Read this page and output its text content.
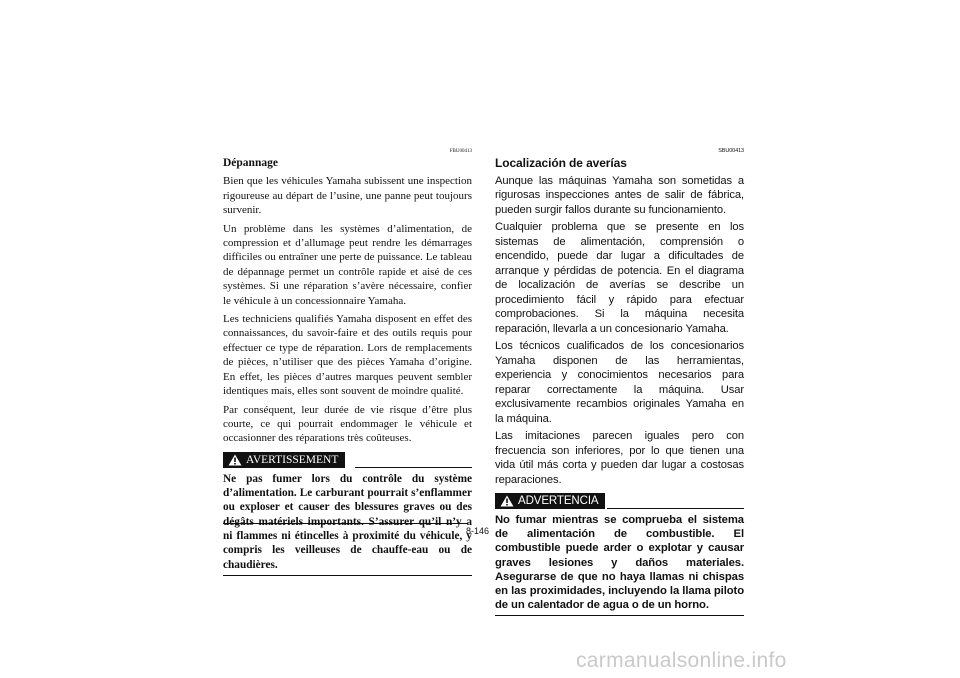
FBU00413
Dépannage

Bien que les véhicules Yamaha subissent une inspection rigoureuse au départ de l’usine, une panne peut toujours survenir.

Un problème dans les systèmes d’alimentation, de compression et d’allumage peut rendre les démarrages difficiles ou entraîner une perte de puissance. Le tableau de dépannage permet un contrôle rapide et aisé de ces systèmes. Si une réparation s’avère nécessaire, confier le véhicule à un concessionnaire Yamaha.

Les techniciens qualifiés Yamaha disposent en effet des connaissances, du savoir-faire et des outils requis pour effectuer ce type de réparation. Lors de remplacements de pièces, n’utiliser que des pièces Yamaha d’origine. En effet, les pièces d’autres marques peuvent sembler identiques mais, elles sont souvent de moindre qualité.

Par conséquent, leur durée de vie risque d’être plus courte, ce qui pourrait endommager le véhicule et occasionner des réparations très coûteuses.

AVERTISSEMENT
Ne pas fumer lors du contrôle du système d’alimentation. Le carburant pourrait s’enflammer ou exploser et causer des blessures graves ou des dégâts matériels importants. S’assurer qu’il n’y a ni flammes ni étincelles à proximité du véhicule, y compris les veilleuses de chauffe-eau ou de chaudières.
SBU00413
Localización de averías

Aunque las máquinas Yamaha son sometidas a rigurosas inspecciones antes de salir de fábrica, pueden surgir fallos durante su funcionamiento.

Cualquier problema que se presente en los sistemas de alimentación, comprensión o encendido, puede dar lugar a dificultades de arranque y pérdidas de potencia. En el diagrama de localización de averías se describe un procedimiento fácil y rápido para efectuar comprobaciones. Si la máquina necesita reparación, llevarla a un concesionario Yamaha.

Los técnicos cualificados de los concesionarios Yamaha disponen de las herramientas, experiencia y conocimientos necesarios para reparar correctamente la máquina. Usar exclusivamente recambios originales Yamaha en la máquina.

Las imitaciones parecen iguales pero con frecuencia son inferiores, por lo que tienen una vida útil más corta y pueden dar lugar a costosas reparaciones.

ADVERTENCIA
No fumar mientras se comprueba el sistema de alimentación de combustible. El combustible puede arder o explotar y causar graves lesiones y daños materiales. Asegurarse de que no haya llamas ni chispas en las proximidades, incluyendo la llama piloto de un calentador de agua o de un horno.
8-146
carmanualsonline.info
